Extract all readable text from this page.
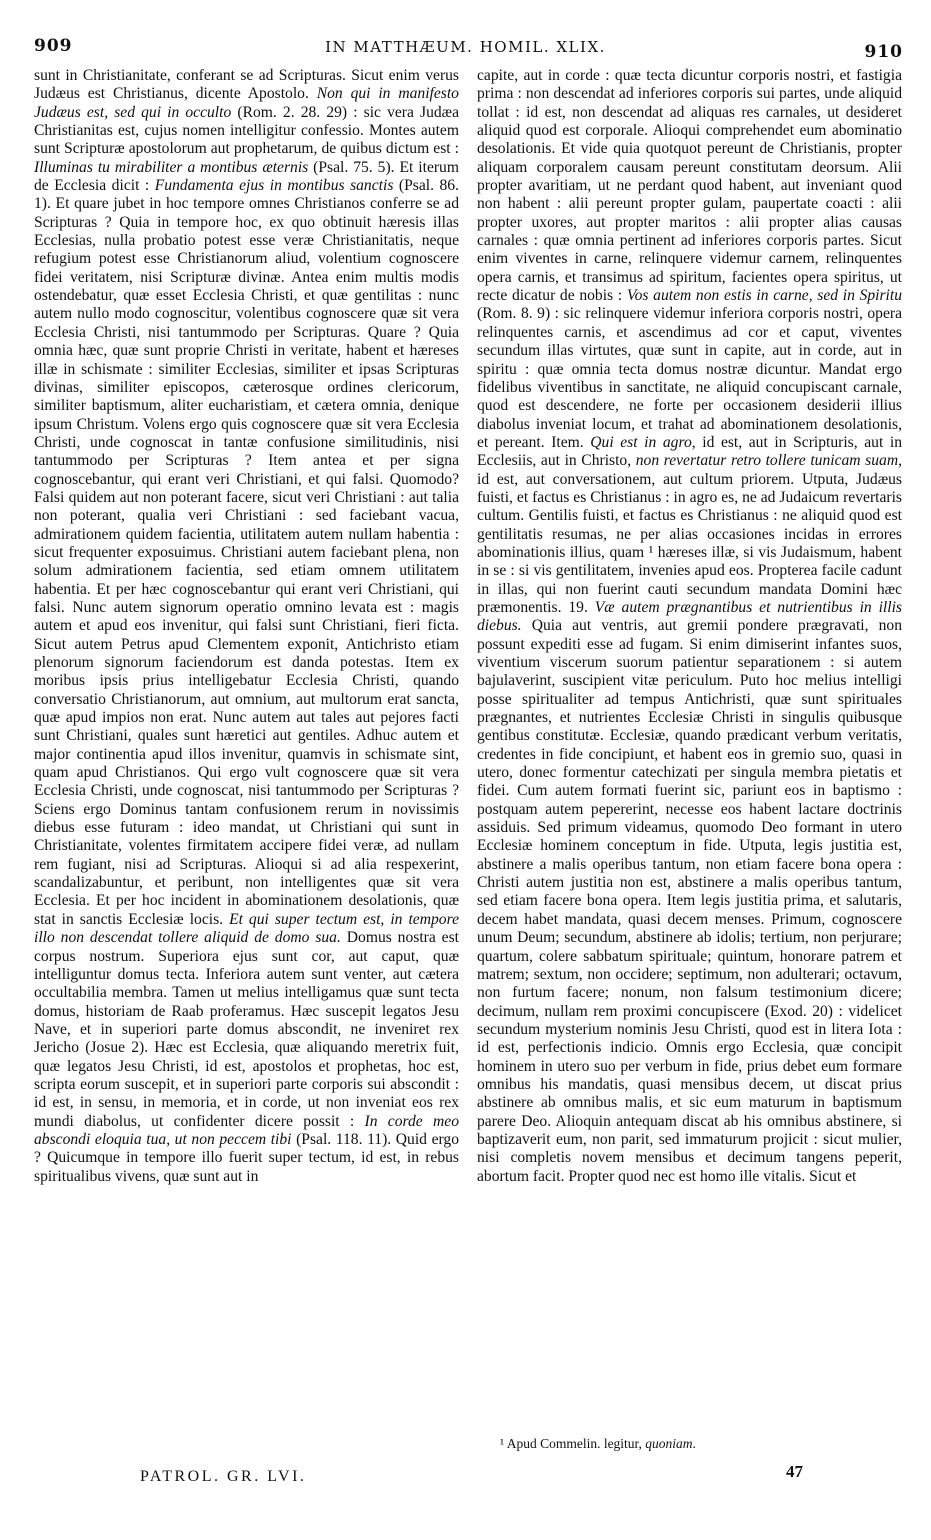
909	IN MATTHÆUM. HOMIL. XLIX.	910

sunt in Christianitate, conferant se ad Scripturas. Sicut enim verus Judæus est Christianus, dicente Apostolo. Non qui in manifesto Judæus est, sed qui in occulto (Rom. 2. 28. 29) : sic vera Judæa Christianitas est, cujus nomen intelligitur confessio. Montes autem sunt Scripturæ apostolorum aut prophetarum, de quibus dictum est : Illuminas tu mirabiliter a montibus æternis (Psal. 75. 5). Et iterum de Ecclesia dicit : Fundamenta ejus in montibus sanctis (Psal. 86. 1). Et quare jubet in hoc tempore omnes Christianos conferre se ad Scripturas ? Quia in tempore hoc, ex quo obtinuit hæresis illas Ecclesias, nulla probatio potest esse veræ Christianitatis, neque refugium potest esse Christianorum aliud, volentium cognoscere fidei veritatem, nisi Scripturæ divinæ. Antea enim multis modis ostendebatur, quæ esset Ecclesia Christi, et quæ gentilitas : nunc autem nullo modo cognoscitur, volentibus cognoscere quæ sit vera Ecclesia Christi, nisi tantummodo per Scripturas. Quare ? Quia omnia hæc, quæ sunt proprie Christi in veritate, habent et hæreses illæ in schismate : similiter Ecclesias, similiter et ipsas Scripturas divinas, similiter episcopos, cæterosque ordines clericorum, similiter baptismum, aliter eucharistiam, et cætera omnia, denique ipsum Christum. Volens ergo quis cognoscere quæ sit vera Ecclesia Christi, unde cognoscat in tantæ confusione similitudinis, nisi tantummodo per Scripturas ? Item antea et per signa cognoscebantur, qui erant veri Christiani, et qui falsi. Quomodo? Falsi quidem aut non poterant facere, sicut veri Christiani : aut talia non poterant, qualia veri Christiani : sed faciebant vacua, admirationem quidem facientia, utilitatem autem nullam habentia : sicut frequenter exposuimus. Christiani autem faciebant plena, non solum admirationem facientia, sed etiam omnem utilitatem habentia. Et per hæc cognoscebantur qui erant veri Christiani, qui falsi. Nunc autem signorum operatio omnino levata est : magis autem et apud eos invenitur, qui falsi sunt Christiani, fieri ficta. Sicut autem Petrus apud Clementem exponit, Antichristo etiam plenorum signorum faciendorum est danda potestas. Item ex moribus ipsis prius intelligebatur Ecclesia Christi, quando conversatio Christianorum, aut omnium, aut multorum erat sancta, quæ apud impios non erat. Nunc autem aut tales aut pejores facti sunt Christiani, quales sunt hæretici aut gentiles. Adhuc autem et major continentia apud illos invenitur, quamvis in schismate sint, quam apud Christianos. Qui ergo vult cognoscere quæ sit vera Ecclesia Christi, unde cognoscat, nisi tantummodo per Scripturas ? Sciens ergo Dominus tantam confusionem rerum in novissimis diebus esse futuram : ideo mandat, ut Christiani qui sunt in Christianitate, volentes firmitatem accipere fidei veræ, ad nullam rem fugiant, nisi ad Scripturas. Alioqui si ad alia respexerint, scandalizabuntur, et peribunt, non intelligentes quæ sit vera Ecclesia. Et per hoc incident in abominationem desolationis, quæ stat in sanctis Ecclesiæ locis. Et qui super tectum est, in tempore illo non descendat tollere aliquid de domo sua. Domus nostra est corpus nostrum. Superiora ejus sunt cor, aut caput, quæ intelliguntur domus tecta. Inferiora autem sunt venter, aut cætera occultabilia membra. Tamen ut melius intelligamus quæ sunt tecta domus, historiam de Raab proferamus. Hæc suscepit legatos Jesu Nave, et in superiori parte domus abscondit, ne inveniret rex Jericho (Josue 2). Hæc est Ecclesia, quæ aliquando meretrix fuit, quæ legatos Jesu Christi, id est, apostolos et prophetas, hoc est, scripta eorum suscepit, et in superiori parte corporis sui abscondit : id est, in sensu, in memoria, et in corde, ut non inveniat eos rex mundi diabolus, ut confidenter dicere possit : In corde meo abscondi eloquia tua, ut non peccem tibi (Psal. 118. 11). Quid ergo ? Quicumque in tempore illo fuerit super tectum, id est, in rebus spiritualibus vivens, quæ sunt aut in

capite, aut in corde : quæ tecta dicuntur corporis nostri, et fastigia prima : non descendat ad inferiores corporis sui partes, unde aliquid tollat : id est, non descendat ad aliquas res carnales, ut desideret aliquid quod est corporale. Alioqui comprehendet eum abominatio desolationis. Et vide quia quotquot pereunt de Christianis, propter aliquam corporalem causam pereunt constitutam deorsum. Alii propter avaritiam, ut ne perdant quod habent, aut inveniant quod non habent : alii pereunt propter gulam, paupertate coacti : alii propter uxores, aut propter maritos : alii propter alias causas carnales : quæ omnia pertinent ad inferiores corporis partes. Sicut enim viventes in carne, relinquere videmur carnem, relinquentes opera carnis, et transimus ad spiritum, facientes opera spiritus, ut recte dicatur de nobis : Vos autem non estis in carne, sed in Spiritu (Rom. 8. 9) : sic relinquere videmur inferiora corporis nostri, opera relinquentes carnis, et ascendimus ad cor et caput, viventes secundum illas virtutes, quæ sunt in capite, aut in corde, aut in spiritu : quæ omnia tecta domus nostræ dicuntur. Mandat ergo fidelibus viventibus in sanctitate, ne aliquid concupiscant carnale, quod est descendere, ne forte per occasionem desiderii illius diabolus inveniat locum, et trahat ad abominationem desolationis, et pereant. Item. Qui est in agro, id est, aut in Scripturis, aut in Ecclesiis, aut in Christo, non revertatur retro tollere tunicam suam, id est, aut conversationem, aut cultum priorem. Utputa, Judæus fuisti, et factus es Christianus : in agro es, ne ad Judaicum revertaris cultum. Gentilis fuisti, et factus es Christianus : ne aliquid quod est gentilitatis resumas, ne per alias occasiones incidas in errores abominationis illius, quam ¹ hæreses illæ, si vis Judaismum, habent in se : si vis gentilitatem, invenies apud eos. Propterea facile cadunt in illas, qui non fuerint cauti secundum mandata Domini hæc præmonentis. 19. Væ autem prægnantibus et nutrientibus in illis diebus. Quia aut ventris, aut gremii pondere prægravati, non possunt expediti esse ad fugam. Si enim dimiserint infantes suos, viventium viscerum suorum patientur separationem : si autem bajulaverint, suscipient vitæ periculum. Puto hoc melius intelligi posse spiritualiter ad tempus Antichristi, quæ sunt spirituales prægnantes, et nutrientes Ecclesiæ Christi in singulis quibusque gentibus constitutæ. Ecclesiæ, quando prædicant verbum veritatis, credentes in fide concipiunt, et habent eos in gremio suo, quasi in utero, donec formentur catechizati per singula membra pietatis et fidei. Cum autem formati fuerint sic, pariunt eos in baptismo : postquam autem pepererint, necesse eos habent lactare doctrinis assiduis. Sed primum videamus, quomodo Deo formant in utero Ecclesiæ hominem conceptum in fide. Utputa, legis justitia est, abstinere a malis operibus tantum, non etiam facere bona opera : Christi autem justitia non est, abstinere a malis operibus tantum, sed etiam facere bona opera. Item legis justitia prima, et salutaris, decem habet mandata, quasi decem menses. Primum, cognoscere unum Deum; secundum, abstinere ab idolis; tertium, non perjurare; quartum, colere sabbatum spirituale; quintum, honorare patrem et matrem; sextum, non occidere; septimum, non adulterari; octavum, non furtum facere; nonum, non falsum testimonium dicere; decimum, nullam rem proximi concupiscere (Exod. 20) : videlicet secundum mysterium nominis Jesu Christi, quod est in litera Iota : id est, perfectionis indicio. Omnis ergo Ecclesia, quæ concipit hominem in utero suo per verbum in fide, prius debet eum formare omnibus his mandatis, quasi mensibus decem, ut discat prius abstinere ab omnibus malis, et sic eum maturum in baptismum parere Deo. Alioquin antequam discat ab his omnibus abstinere, si baptizaverit eum, non parit, sed immaturum projicit : sicut mulier, nisi completis novem mensibus et decimum tangens peperit, abortum facit. Propter quod nec est homo ille vitalis. Sicut et

¹ Apud Commelin. legitur, quoniam.
PATROL. GR. LVI.	47
